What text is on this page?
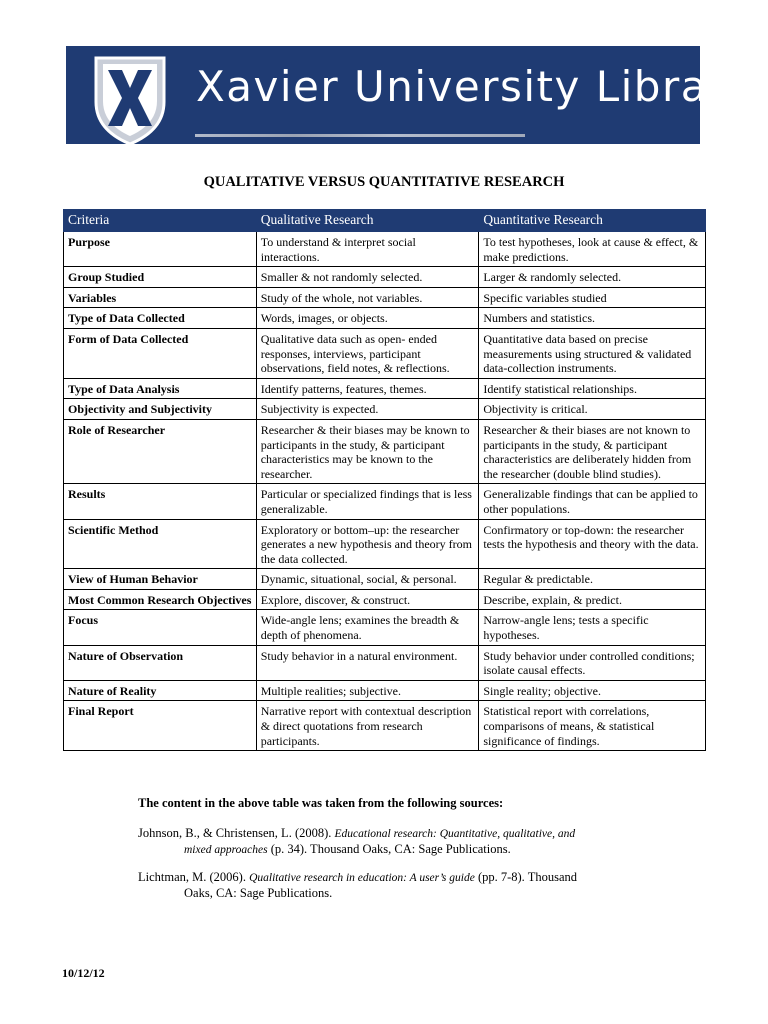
Xavier University Library
QUALITATIVE VERSUS QUANTITATIVE RESEARCH
Criteria	Qualitative Research	Quantitative Research
Purpose	To understand & interpret social interactions.	To test hypotheses, look at cause & effect, & make predictions.
Group Studied	Smaller & not randomly selected.	Larger & randomly selected.
Variables	Study of the whole, not variables.	Specific variables studied
Type of Data Collected	Words, images, or objects.	Numbers and statistics.
Form of Data Collected	Qualitative data such as open- ended responses, interviews, participant observations, field notes, & reflections.	Quantitative data based on precise measurements using structured & validated data-collection instruments.
Type of Data Analysis	Identify patterns, features, themes.	Identify statistical relationships.
Objectivity and Subjectivity	Subjectivity is expected.	Objectivity is critical.
Role of Researcher	Researcher & their biases may be known to participants in the study, & participant characteristics may be known to the researcher.	Researcher & their biases are not known to participants in the study, & participant characteristics are deliberately hidden from the researcher (double blind studies).
Results	Particular or specialized findings that is less generalizable.	Generalizable findings that can be applied to other populations.
Scientific Method	Exploratory or bottom–up: the researcher generates a new hypothesis and theory from the data collected.	Confirmatory or top-down: the researcher tests the hypothesis and theory with the data.
View of Human Behavior	Dynamic, situational, social, & personal.	Regular & predictable.
Most Common Research Objectives	Explore, discover, & construct.	Describe, explain, & predict.
Focus	Wide-angle lens; examines the breadth & depth of phenomena.	Narrow-angle lens; tests a specific hypotheses.
Nature of Observation	Study behavior in a natural environment.	Study behavior under controlled conditions; isolate causal effects.
Nature of Reality	Multiple realities; subjective.	Single reality; objective.
Final Report	Narrative report with contextual description & direct quotations from research participants.	Statistical report with correlations, comparisons of means, & statistical significance of findings.
The content in the above table was taken from the following sources:
Johnson, B., & Christensen, L. (2008). Educational research: Quantitative, qualitative, and
mixed approaches (p. 34). Thousand Oaks, CA: Sage Publications.
Lichtman, M. (2006). Qualitative research in education: A user’s guide (pp. 7-8). Thousand
Oaks, CA: Sage Publications.
10/12/12
